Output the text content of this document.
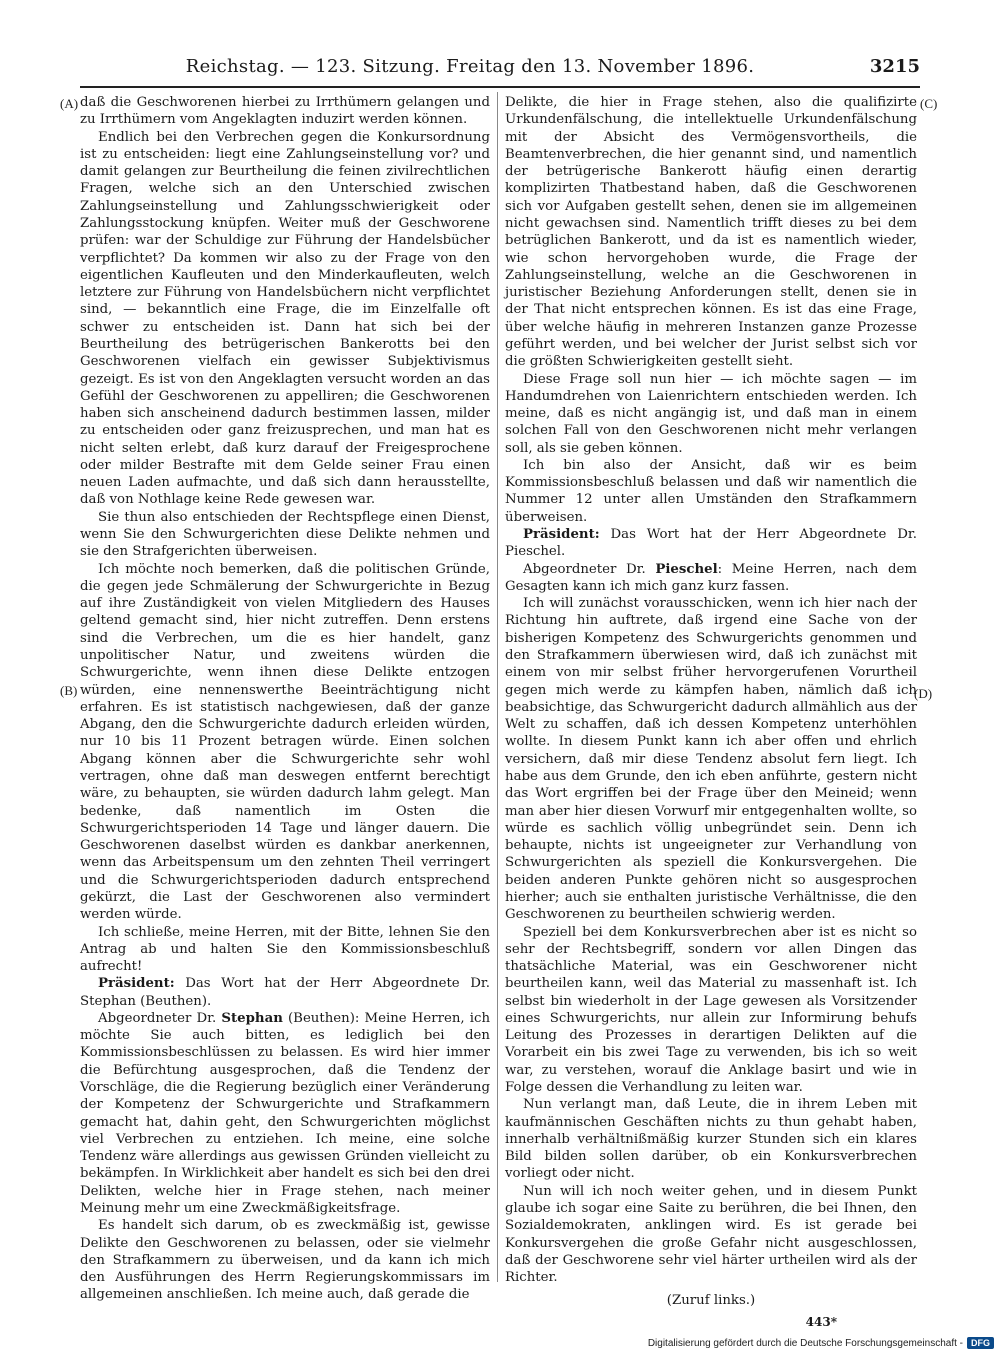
Reichstag. — 123. Sitzung. Freitag den 13. November 1896.	3215
(A)
(B)
(C)
(D)

daß die Geschworenen hierbei zu Irrthümern gelangen und zu Irrthümern vom Angeklagten induzirt werden können.

Endlich bei den Verbrechen gegen die Konkursordnung ist zu entscheiden: liegt eine Zahlungseinstellung vor? und damit gelangen zur Beurtheilung die feinen zivilrechtlichen Fragen, welche sich an den Unterschied zwischen Zahlungseinstellung und Zahlungsschwierigkeit oder Zahlungsstockung knüpfen. Weiter muß der Geschworene prüfen: war der Schuldige zur Führung der Handelsbücher verpflichtet? Da kommen wir also zu der Frage von den eigentlichen Kaufleuten und den Minderkaufleuten, welch letztere zur Führung von Handelsbüchern nicht verpflichtet sind, — bekanntlich eine Frage, die im Einzelfalle oft schwer zu entscheiden ist. Dann hat sich bei der Beurtheilung des betrügerischen Bankerotts bei den Geschworenen vielfach ein gewisser Subjektivismus gezeigt. Es ist von den Angeklagten versucht worden an das Gefühl der Geschworenen zu appelliren; die Geschworenen haben sich anscheinend dadurch bestimmen lassen, milder zu entscheiden oder ganz freizusprechen, und man hat es nicht selten erlebt, daß kurz darauf der Freigesprochene oder milder Bestrafte mit dem Gelde seiner Frau einen neuen Laden aufmachte, und daß sich dann herausstellte, daß von Nothlage keine Rede gewesen war.

Sie thun also entschieden der Rechtspflege einen Dienst, wenn Sie den Schwurgerichten diese Delikte nehmen und sie den Strafgerichten überweisen.

Ich möchte noch bemerken, daß die politischen Gründe, die gegen jede Schmälerung der Schwurgerichte in Bezug auf ihre Zuständigkeit von vielen Mitgliedern des Hauses geltend gemacht sind, hier nicht zutreffen. Denn erstens sind die Verbrechen, um die es hier handelt, ganz unpolitischer Natur, und zweitens würden die Schwurgerichte, wenn ihnen diese Delikte entzogen würden, eine nennenswerthe Beeinträchtigung nicht erfahren. Es ist statistisch nachgewiesen, daß der ganze Abgang, den die Schwurgerichte dadurch erleiden würden, nur 10 bis 11 Prozent betragen würde. Einen solchen Abgang können aber die Schwurgerichte sehr wohl vertragen, ohne daß man deswegen entfernt berechtigt wäre, zu behaupten, sie würden dadurch lahm gelegt. Man bedenke, daß namentlich im Osten die Schwurgerichtsperioden 14 Tage und länger dauern. Die Geschworenen daselbst würden es dankbar anerkennen, wenn das Arbeitspensum um den zehnten Theil verringert und die Schwurgerichtsperioden dadurch entsprechend gekürzt, die Last der Geschworenen also vermindert werden würde.

Ich schließe, meine Herren, mit der Bitte, lehnen Sie den Antrag ab und halten Sie den Kommissionsbeschluß aufrecht!

Präsident: Das Wort hat der Herr Abgeordnete Dr. Stephan (Beuthen).

Abgeordneter Dr. Stephan (Beuthen): Meine Herren, ich möchte Sie auch bitten, es lediglich bei den Kommissionsbeschlüssen zu belassen. Es wird hier immer die Befürchtung ausgesprochen, daß die Tendenz der Vorschläge, die die Regierung bezüglich einer Veränderung der Kompetenz der Schwurgerichte und Strafkammern gemacht hat, dahin geht, den Schwurgerichten möglichst viel Verbrechen zu entziehen. Ich meine, eine solche Tendenz wäre allerdings aus gewissen Gründen vielleicht zu bekämpfen. In Wirklichkeit aber handelt es sich bei den drei Delikten, welche hier in Frage stehen, nach meiner Meinung mehr um eine Zweckmäßigkeitsfrage.

Es handelt sich darum, ob es zweckmäßig ist, gewisse Delikte den Geschworenen zu belassen, oder sie vielmehr den Strafkammern zu überweisen, und da kann ich mich den Ausführungen des Herrn Regierungskommissars im allgemeinen anschließen. Ich meine auch, daß gerade die

Delikte, die hier in Frage stehen, also die qualifizirte Urkundenfälschung, die intellektuelle Urkundenfälschung mit der Absicht des Vermögensvortheils, die Beamtenverbrechen, die hier genannt sind, und namentlich der betrügerische Bankerott häufig einen derartig komplizirten Thatbestand haben, daß die Geschworenen sich vor Aufgaben gestellt sehen, denen sie im allgemeinen nicht gewachsen sind. Namentlich trifft dieses zu bei dem betrüglichen Bankerott, und da ist es namentlich wieder, wie schon hervorgehoben wurde, die Frage der Zahlungseinstellung, welche an die Geschworenen in juristischer Beziehung Anforderungen stellt, denen sie in der That nicht entsprechen können. Es ist das eine Frage, über welche häufig in mehreren Instanzen ganze Prozesse geführt werden, und bei welcher der Jurist selbst sich vor die größten Schwierigkeiten gestellt sieht.

Diese Frage soll nun hier — ich möchte sagen — im Handumdrehen von Laienrichtern entschieden werden. Ich meine, daß es nicht angängig ist, und daß man in einem solchen Fall von den Geschworenen nicht mehr verlangen soll, als sie geben können.

Ich bin also der Ansicht, daß wir es beim Kommissionsbeschluß belassen und daß wir namentlich die Nummer 12 unter allen Umständen den Strafkammern überweisen.

Präsident: Das Wort hat der Herr Abgeordnete Dr. Pieschel.

Abgeordneter Dr. Pieschel: Meine Herren, nach dem Gesagten kann ich mich ganz kurz fassen.

Ich will zunächst vorausschicken, wenn ich hier nach der Richtung hin auftrete, daß irgend eine Sache von der bisherigen Kompetenz des Schwurgerichts genommen und den Strafkammern überwiesen wird, daß ich zunächst mit einem von mir selbst früher hervorgerufenen Vorurtheil gegen mich werde zu kämpfen haben, nämlich daß ich beabsichtige, das Schwurgericht dadurch allmählich aus der Welt zu schaffen, daß ich dessen Kompetenz unterhöhlen wollte. In diesem Punkt kann ich aber offen und ehrlich versichern, daß mir diese Tendenz absolut fern liegt. Ich habe aus dem Grunde, den ich eben anführte, gestern nicht das Wort ergriffen bei der Frage über den Meineid; wenn man aber hier diesen Vorwurf mir entgegenhalten wollte, so würde es sachlich völlig unbegründet sein. Denn ich behaupte, nichts ist ungeeigneter zur Verhandlung von Schwurgerichten als speziell die Konkursvergehen. Die beiden anderen Punkte gehören nicht so ausgesprochen hierher; auch sie enthalten juristische Verhältnisse, die den Geschworenen zu beurtheilen schwierig werden.

Speziell bei dem Konkursverbrechen aber ist es nicht so sehr der Rechtsbegriff, sondern vor allen Dingen das thatsächliche Material, was ein Geschworener nicht beurtheilen kann, weil das Material zu massenhaft ist. Ich selbst bin wiederholt in der Lage gewesen als Vorsitzender eines Schwurgerichts, nur allein zur Informirung behufs Leitung des Prozesses in derartigen Delikten auf die Vorarbeit ein bis zwei Tage zu verwenden, bis ich so weit war, zu verstehen, worauf die Anklage basirt und wie in Folge dessen die Verhandlung zu leiten war.

Nun verlangt man, daß Leute, die in ihrem Leben mit kaufmännischen Geschäften nichts zu thun gehabt haben, innerhalb verhältnißmäßig kurzer Stunden sich ein klares Bild bilden sollen darüber, ob ein Konkursverbrechen vorliegt oder nicht.

Nun will ich noch weiter gehen, und in diesem Punkt glaube ich sogar eine Saite zu berühren, die bei Ihnen, den Sozialdemokraten, anklingen wird. Es ist gerade bei Konkursvergehen die große Gefahr nicht ausgeschlossen, daß der Geschworene sehr viel härter urtheilen wird als der Richter.

(Zuruf links.)

443*

Digitalisierung gefördert durch die Deutsche Forschungsgemeinschaft - DFG
